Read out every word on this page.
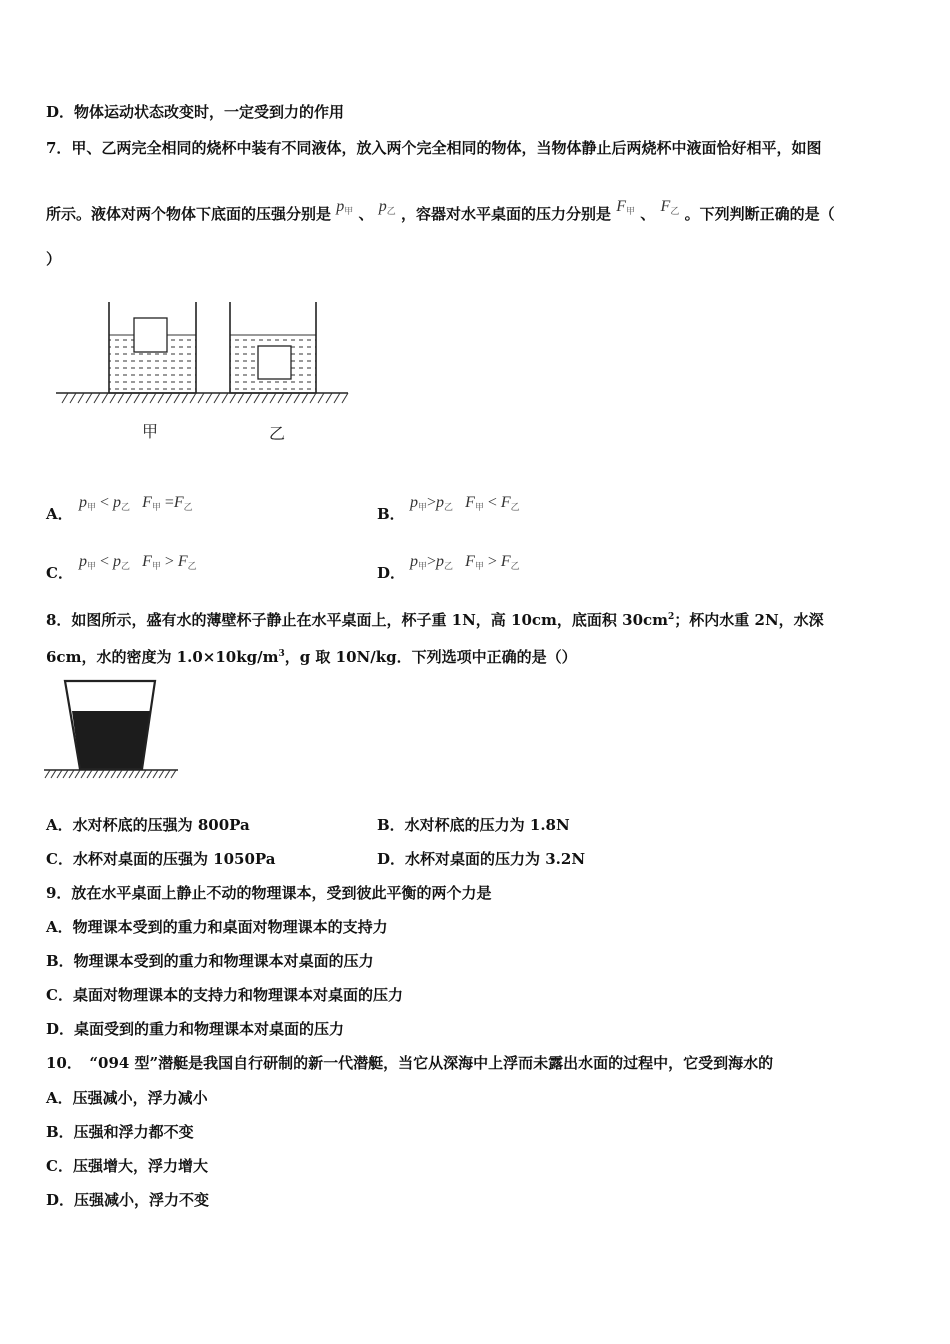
D．物体运动状态改变时，一定受到力的作用
7．甲、乙两完全相同的烧杯中装有不同液体，放入两个完全相同的物体，当物体静止后两烧杯中液面恰好相平，如图
所示。液体对两个物体下底面的压强分别是 $p_甲$ 、 $p_乙$ ，容器对水平桌面的压力分别是 $F_甲$ 、 $F_乙$ 。下列判断正确的是（
）
甲	乙
A．
$p_甲 < p_乙$ $F_甲 =F_乙$	B．
$p_甲>p_乙$ $F_甲 < F_乙$
C．
$p_甲 < p_乙$ $F_甲 > F_乙$	D．
$p_甲>p_乙$ $F_甲 > F_乙$
8．如图所示，盛有水的薄壁杯子静止在水平桌面上，杯子重 1N，高 10cm，底面积 $30cm^2$；杯内水重 2N，水深
6cm，水的密度为 $1.0\times 10kg/m^3$，g 取 10N/kg．下列选项中正确的是（）
A．水对杯底的压强为 800Pa	B．水对杯底的压力为 1.8N
C．水杯对桌面的压强为 1050Pa	D．水杯对桌面的压力为 3.2N
9．放在水平桌面上静止不动的物理课本，受到彼此平衡的两个力是
A．物理课本受到的重力和桌面对物理课本的支持力
B．物理课本受到的重力和物理课本对桌面的压力
C．桌面对物理课本的支持力和物理课本对桌面的压力
D．桌面受到的重力和物理课本对桌面的压力
10．　“094 型”潜艇是我国自行研制的新一代潜艇，当它从深海中上浮而未露出水面的过程中，它受到海水的
A．压强减小，浮力减小
B．压强和浮力都不变
C．压强增大，浮力增大
D．压强减小，浮力不变
